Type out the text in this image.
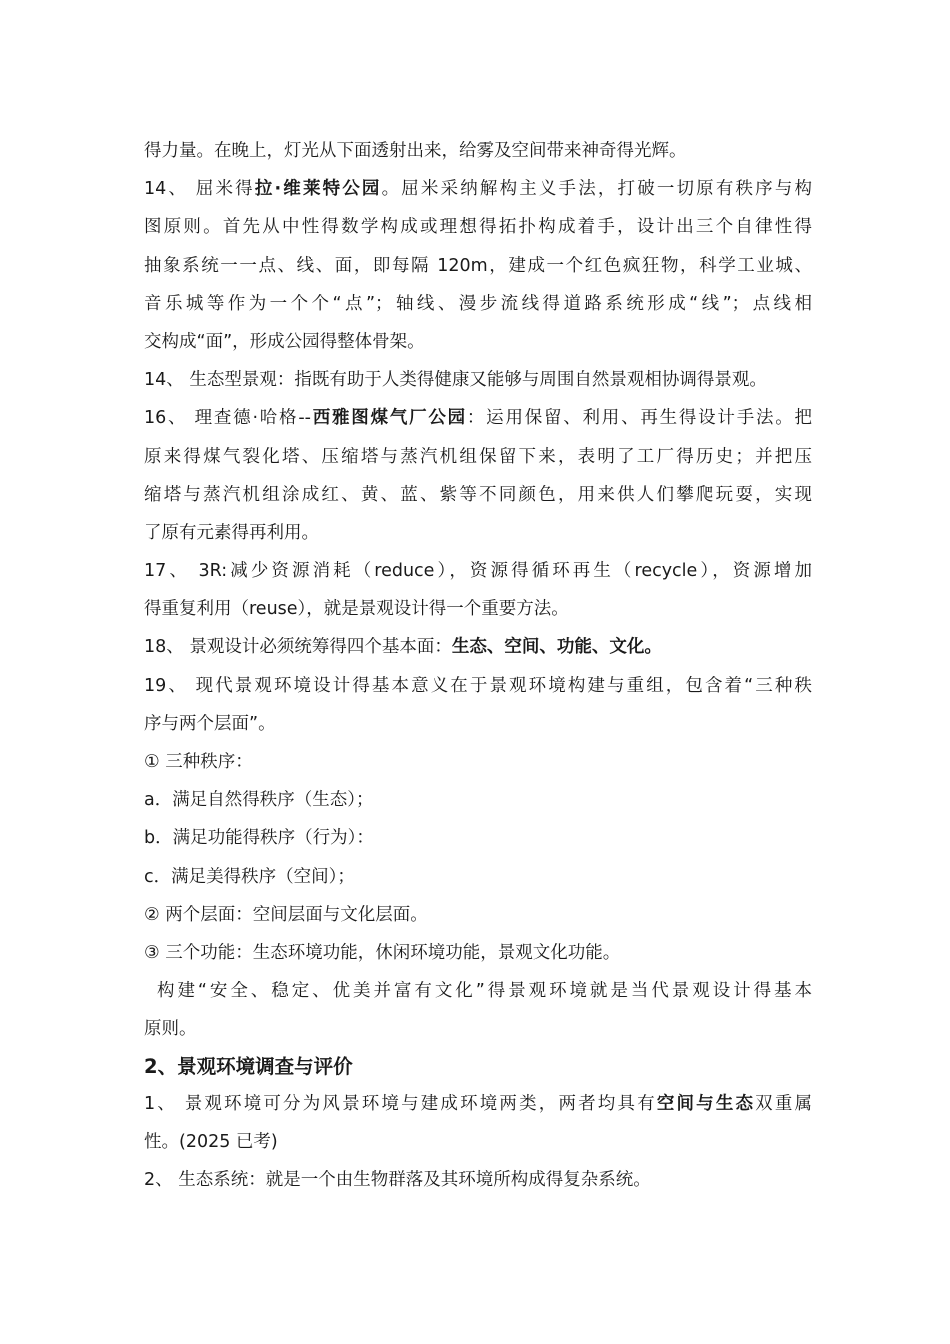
得力量。在晚上，灯光从下面透射出来，给雾及空间带来神奇得光辉。
14、 屈米得拉·维莱特公园。屈米采纳解构主义手法，打破一切原有秩序与构
图原则。首先从中性得数学构成或理想得拓扑构成着手，设计出三个自律性得
抽象系统一一点、线、面，即每隔 120m，建成一个红色疯狂物，科学工业城、
音乐城等作为一个个“点”；轴线、漫步流线得道路系统形成“线”；点线相
交构成“面”，形成公园得整体骨架。
14、 生态型景观：指既有助于人类得健康又能够与周围自然景观相协调得景观。
16、 理查德·哈格--西雅图煤气厂公园：运用保留、利用、再生得设计手法。把
原来得煤气裂化塔、压缩塔与蒸汽机组保留下来，表明了工厂得历史；并把压
缩塔与蒸汽机组涂成红、黄、蓝、紫等不同颜色，用来供人们攀爬玩耍，实现
了原有元素得再利用。
17、 3R:减少资源消耗（reduce），资源得循环再生（recycle），资源增加
得重复利用（reuse），就是景观设计得一个重要方法。
18、 景观设计必须统筹得四个基本面：生态、空间、功能、文化。
19、 现代景观环境设计得基本意义在于景观环境构建与重组，包含着“三种秩
序与两个层面”。
① 三种秩序：
a．满足自然得秩序（生态）；
b．满足功能得秩序（行为）：
c．满足美得秩序（空间）；
② 两个层面：空间层面与文化层面。
③ 三个功能：生态环境功能，休闲环境功能，景观文化功能。
构建“安全、稳定、优美并富有文化”得景观环境就是当代景观设计得基本
原则。
2、景观环境调查与评价
1、 景观环境可分为风景环境与建成环境两类，两者均具有空间与生态双重属
性。(2025 已考)
2、 生态系统：就是一个由生物群落及其环境所构成得复杂系统。
